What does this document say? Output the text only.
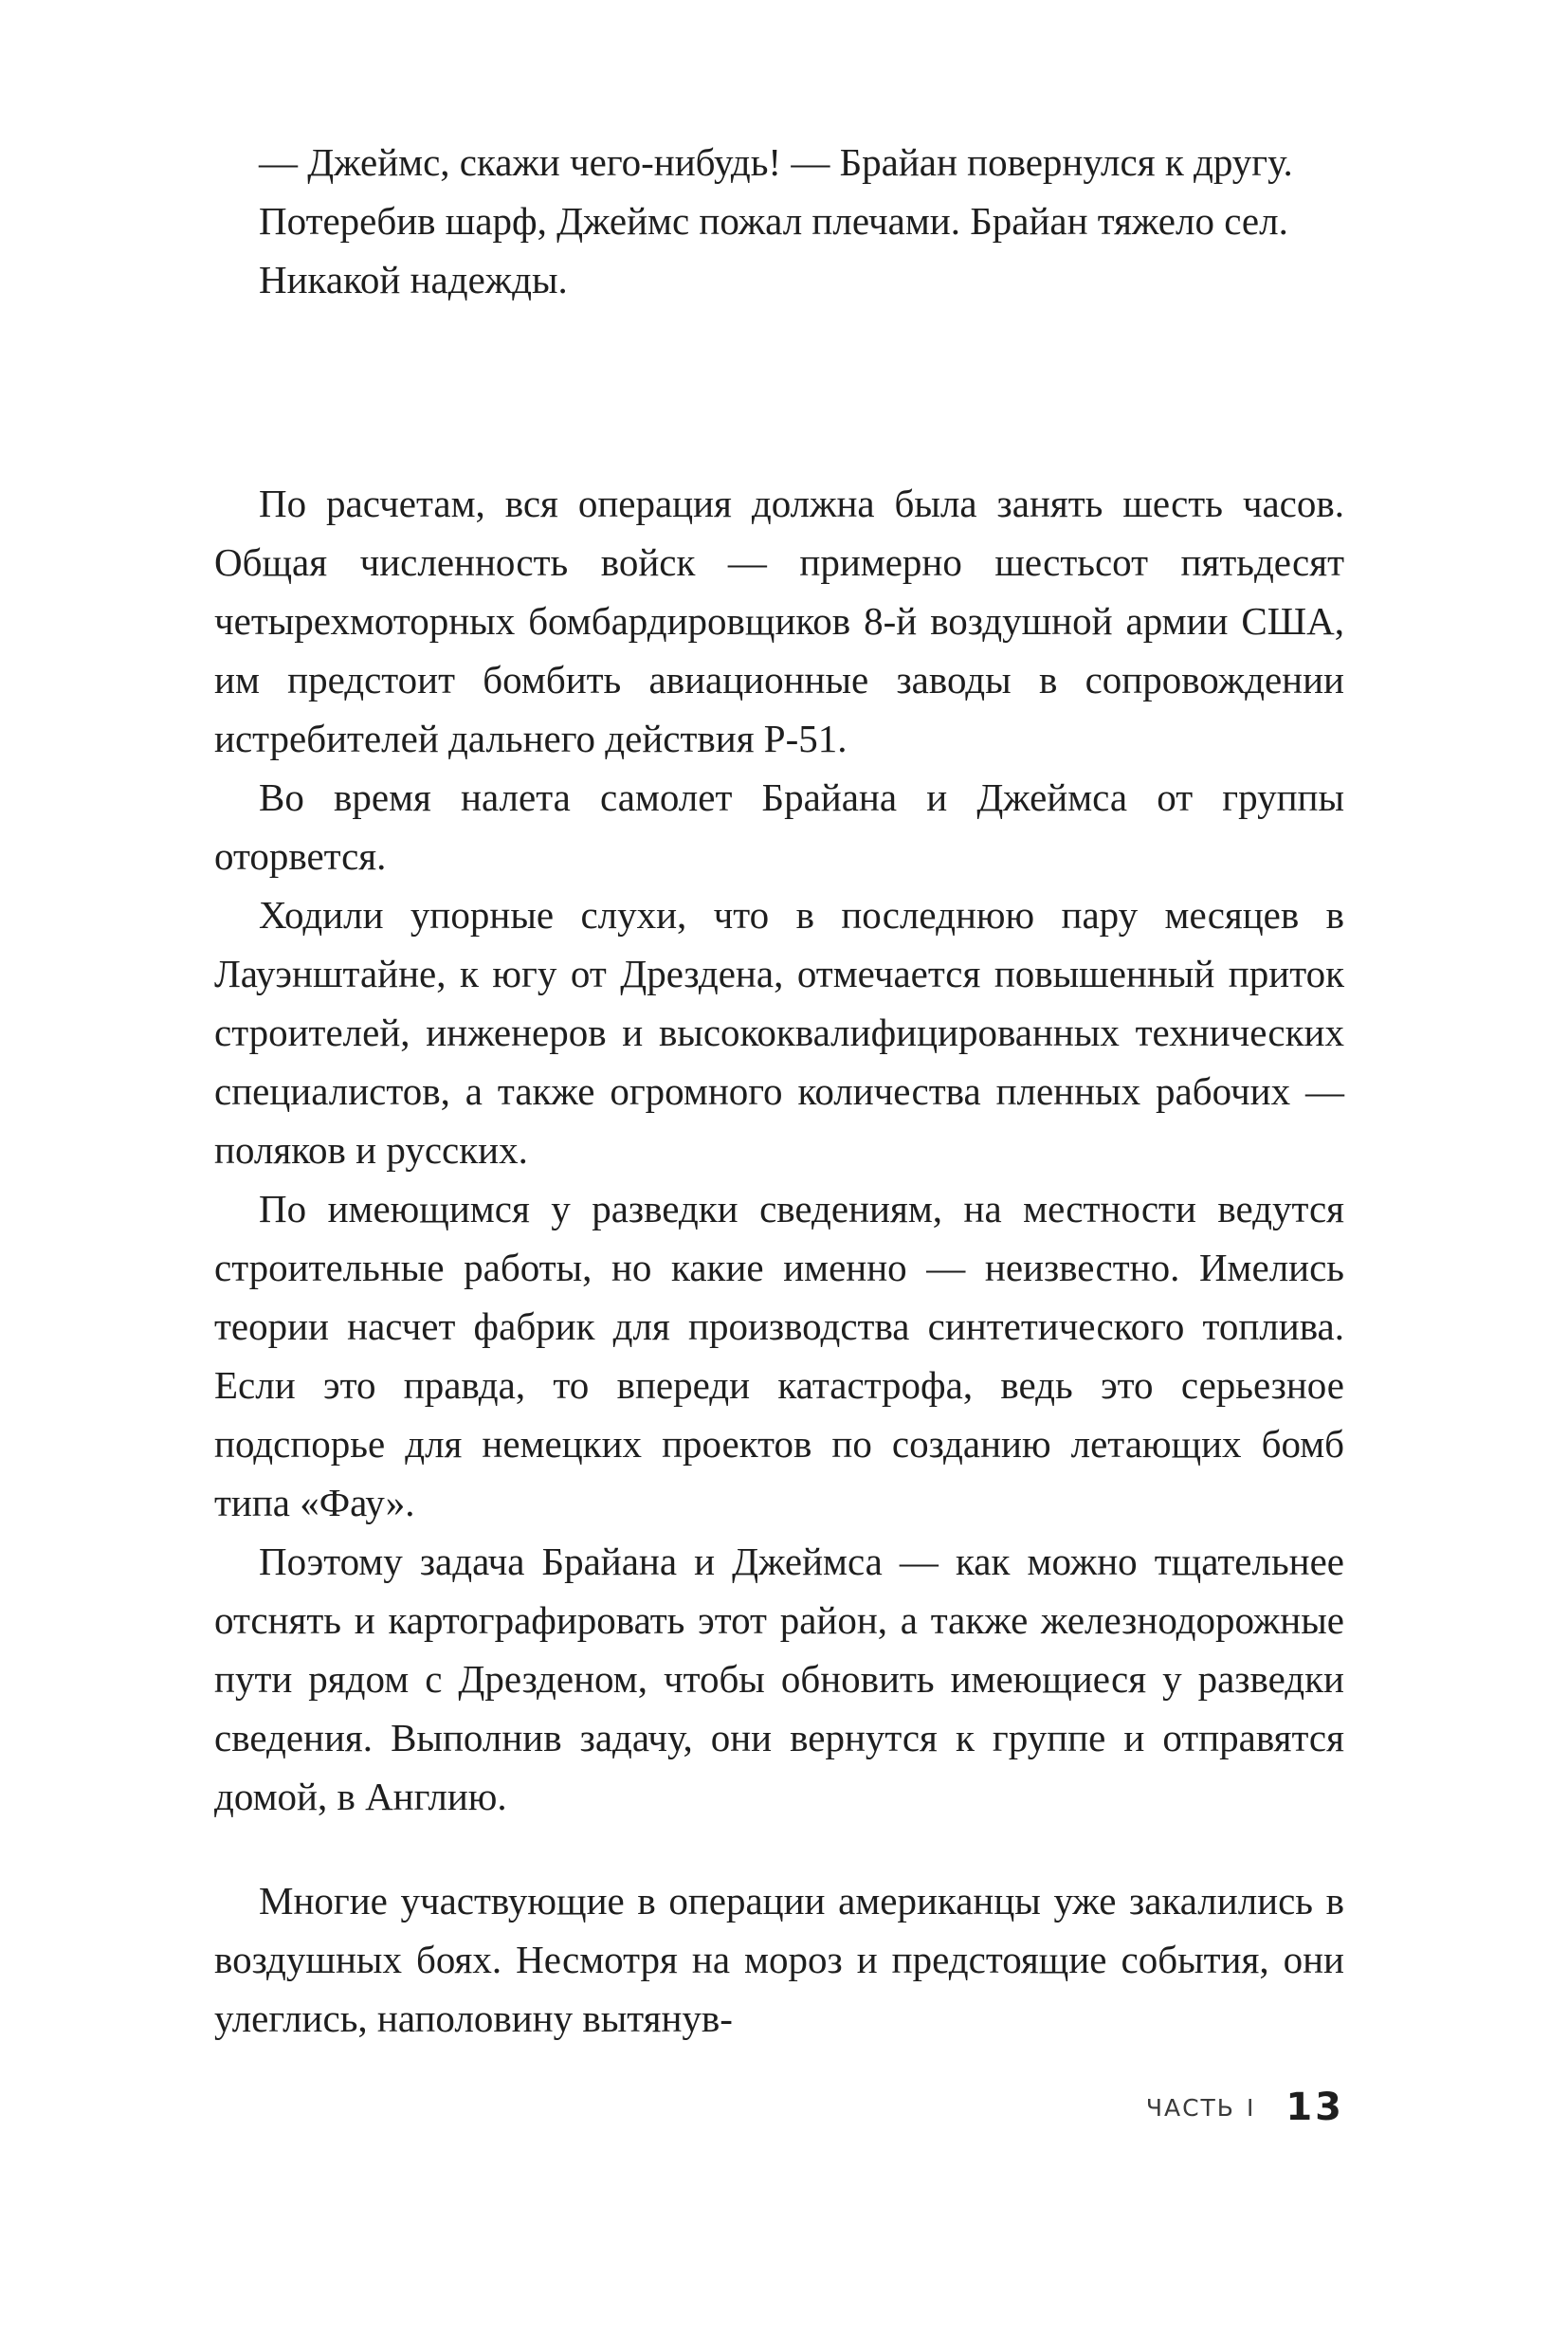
— Джеймс, скажи чего-нибудь! — Брайан повернулся к другу.

Потеребив шарф, Джеймс пожал плечами. Брайан тяжело сел.

Никакой надежды.

По расчетам, вся операция должна была занять шесть часов. Общая численность войск — примерно шестьсот пятьдесят четырехмоторных бомбардировщиков 8-й воздушной армии США, им предстоит бомбить авиационные заводы в сопровождении истребителей дальнего действия Р-51.

Во время налета самолет Брайана и Джеймса от группы оторвется.

Ходили упорные слухи, что в последнюю пару месяцев в Лауэнштайне, к югу от Дрездена, отмечается повышенный приток строителей, инженеров и высококвалифицированных технических специалистов, а также огромного количества пленных рабочих — поляков и русских.

По имеющимся у разведки сведениям, на местности ведутся строительные работы, но какие именно — неизвестно. Имелись теории насчет фабрик для производства синтетического топлива. Если это правда, то впереди катастрофа, ведь это серьезное подспорье для немецких проектов по созданию летающих бомб типа «Фау».

Поэтому задача Брайана и Джеймса — как можно тщательнее отснять и картографировать этот район, а также железнодорожные пути рядом с Дрезденом, чтобы обновить имеющиеся у разведки сведения. Выполнив задачу, они вернутся к группе и отправятся домой, в Англию.

Многие участвующие в операции американцы уже закалились в воздушных боях. Несмотря на мороз и предстоящие события, они улеглись, наполовину вытянув-

ЧАСТЬ I 13
